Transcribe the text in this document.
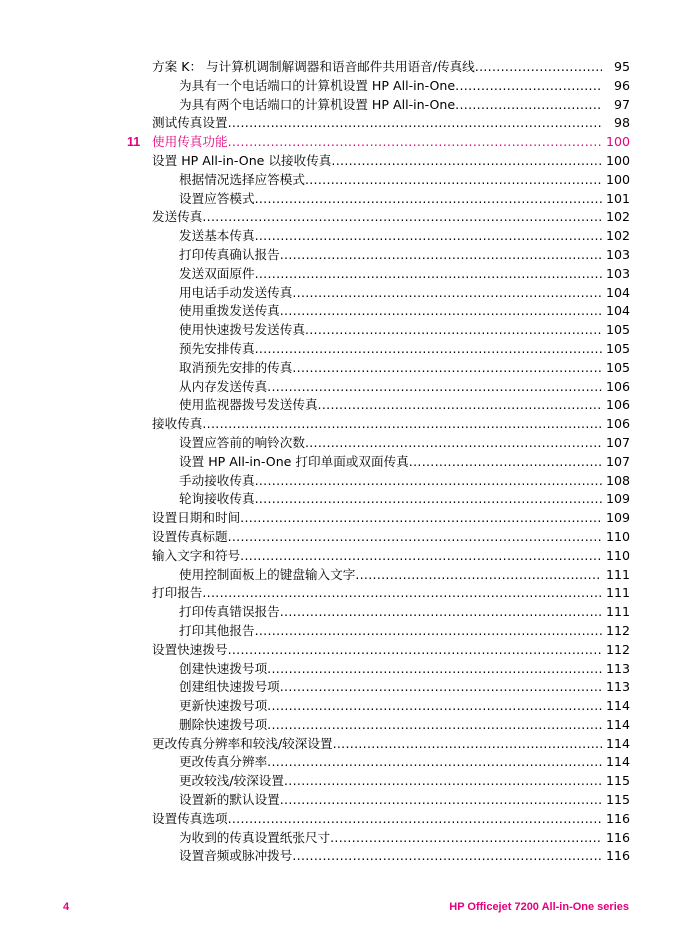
方案 K： 与计算机调制解调器和语音邮件共用语音/传真线 .....	95
为具有一个电话端口的计算机设置 HP All-in-One .....	96
为具有两个电话端口的计算机设置 HP All-in-One .....	97
测试传真设置 .....	98
11 使用传真功能 .....	100
设置 HP All-in-One 以接收传真 .....	100
根据情况选择应答模式 .....	100
设置应答模式 .....	101
发送传真 .....	102
发送基本传真 .....	102
打印传真确认报告 .....	103
发送双面原件 .....	103
用电话手动发送传真 .....	104
使用重拨发送传真 .....	104
使用快速拨号发送传真 .....	105
预先安排传真 .....	105
取消预先安排的传真 .....	105
从内存发送传真 .....	106
使用监视器拨号发送传真 .....	106
接收传真 .....	106
设置应答前的响铃次数 .....	107
设置 HP All-in-One 打印单面或双面传真 .....	107
手动接收传真 .....	108
轮询接收传真 .....	109
设置日期和时间 .....	109
设置传真标题 .....	110
输入文字和符号 .....	110
使用控制面板上的键盘输入文字 .....	111
打印报告 .....	111
打印传真错误报告 .....	111
打印其他报告 .....	112
设置快速拨号 .....	112
创建快速拨号项 .....	113
创建组快速拨号项 .....	113
更新快速拨号项 .....	114
删除快速拨号项 .....	114
更改传真分辨率和较浅/较深设置 .....	114
更改传真分辨率 .....	114
更改较浅/较深设置 .....	115
设置新的默认设置 .....	115
设置传真选项 .....	116
为收到的传真设置纸张尺寸 .....	116
设置音频或脉冲拨号 .....	116
4	HP Officejet 7200 All-in-One series
